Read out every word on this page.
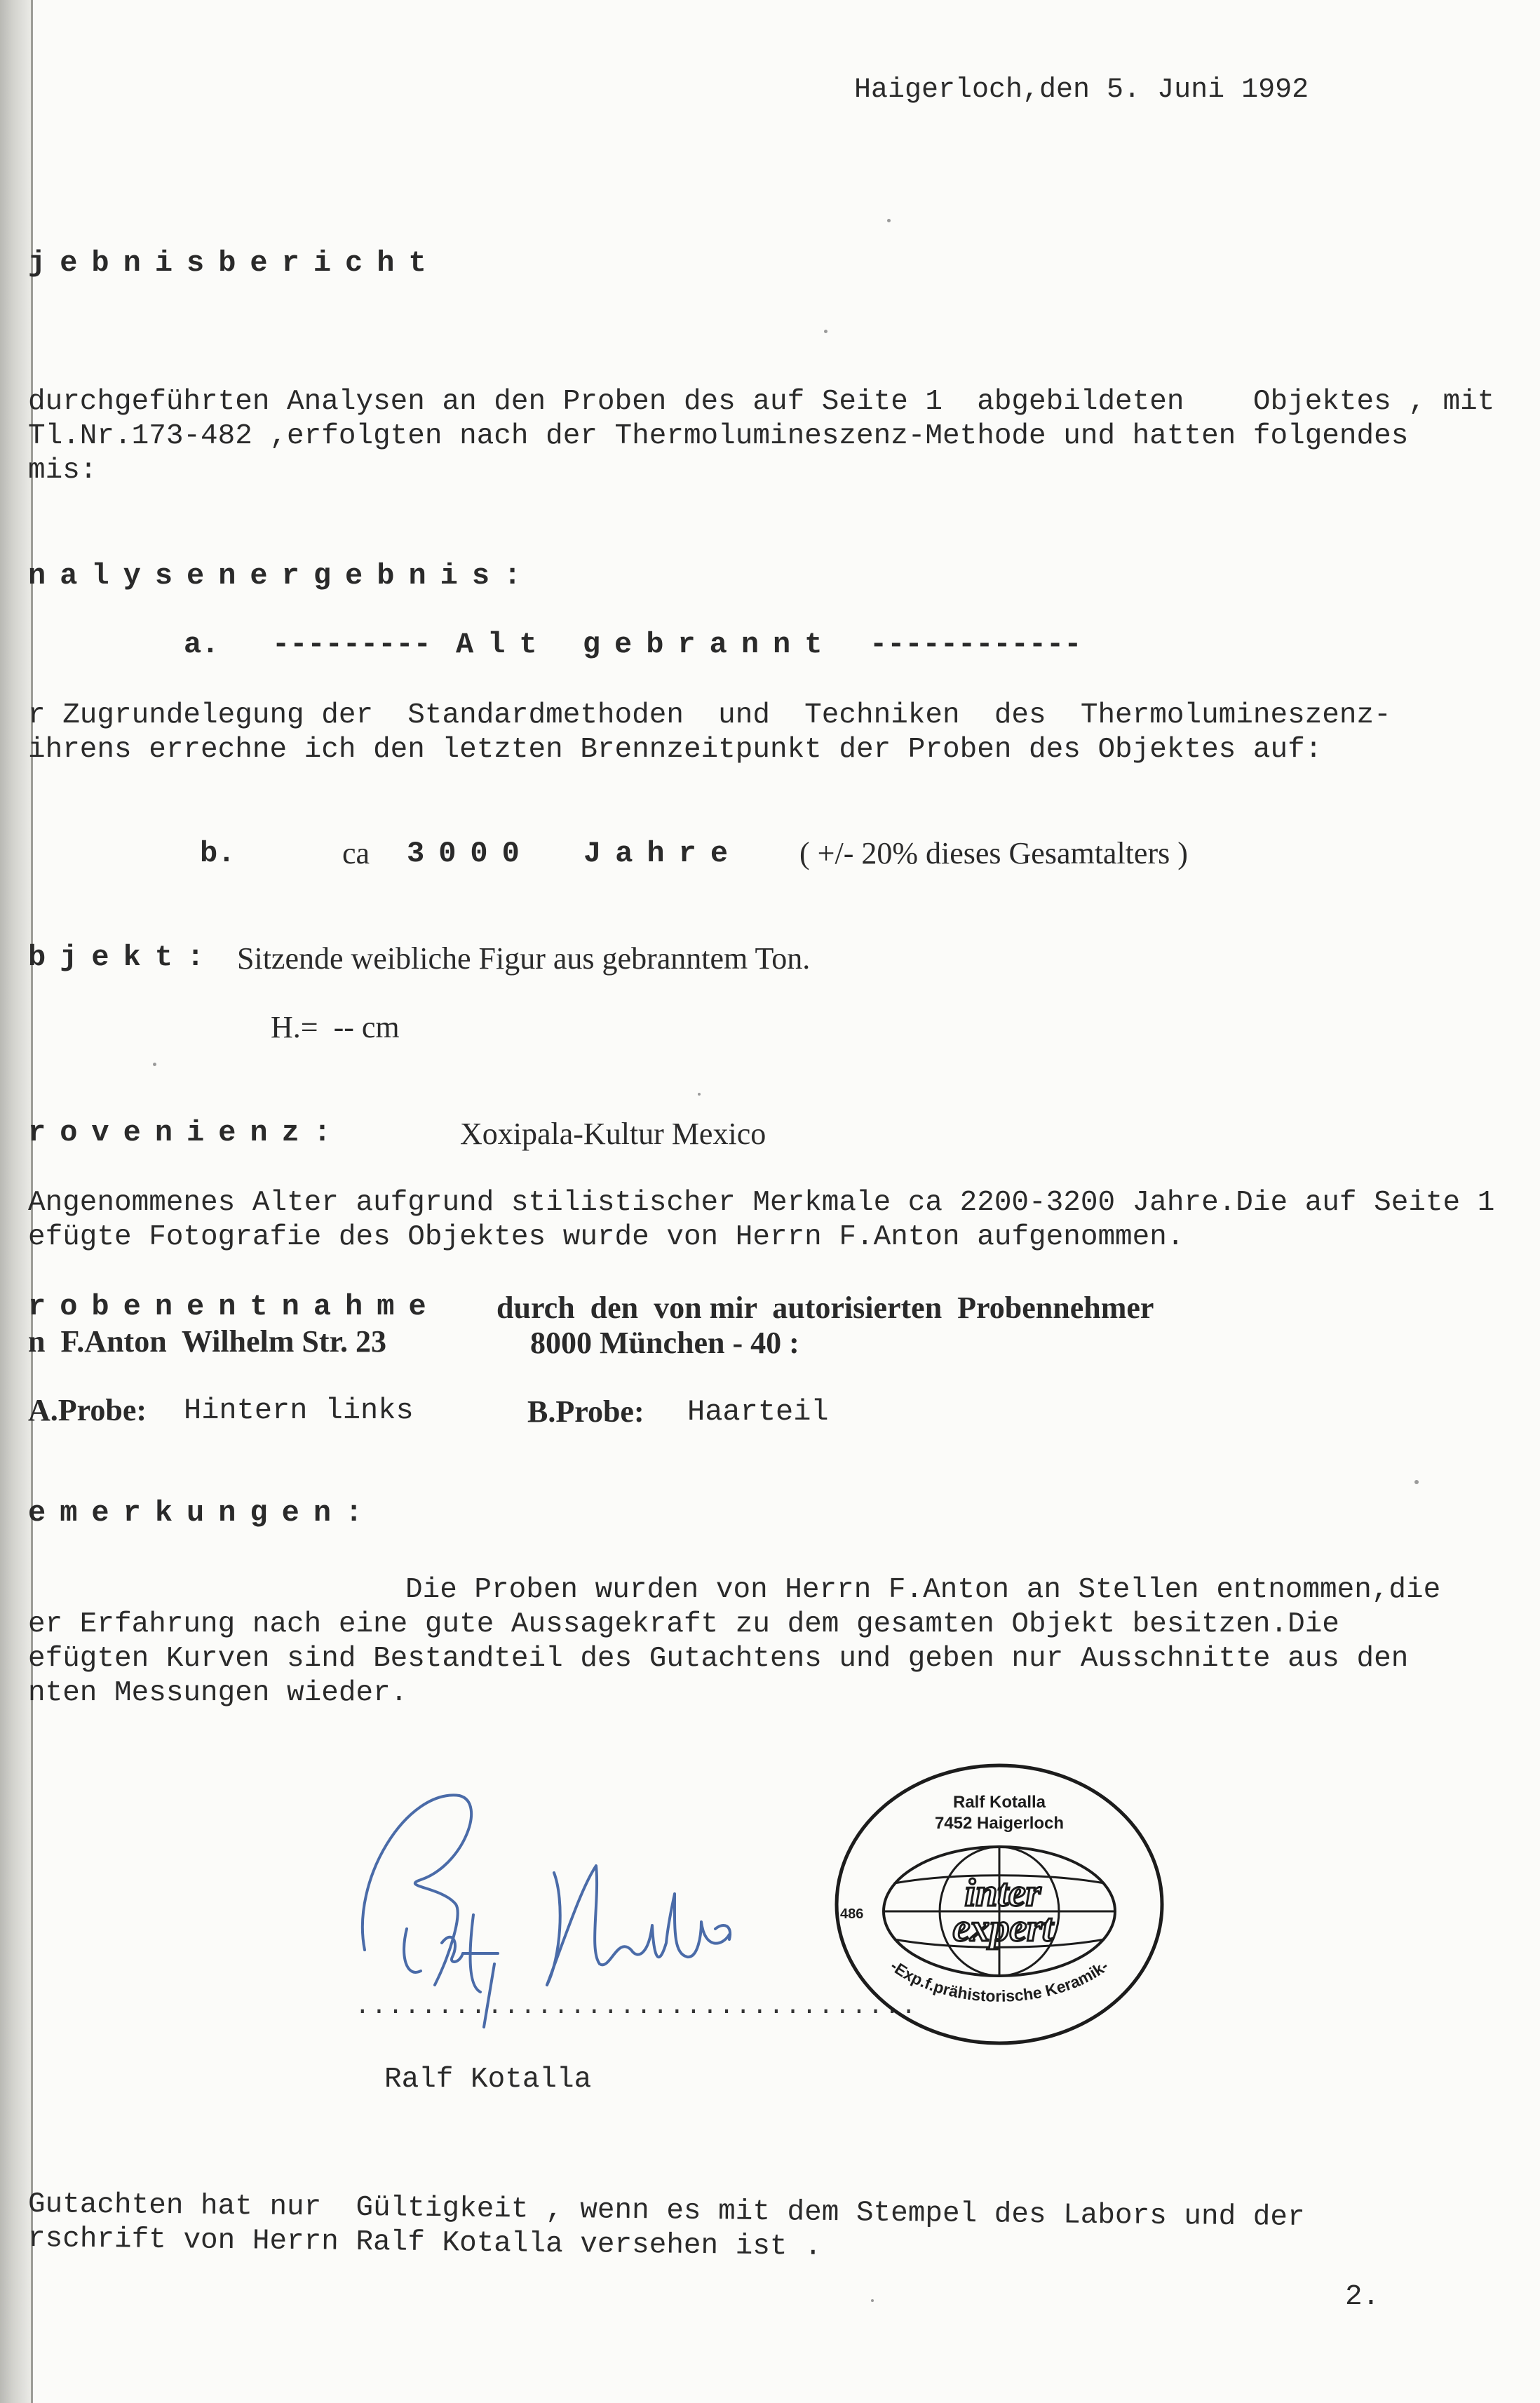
Haigerloch,den 5. Juni 1992
jebnisbericht
durchgeführten Analysen an den Proben des auf Seite 1  abgebildeten    Objektes , mit
Tl.Nr.173-482 ,erfolgten nach der Thermolumineszenz-Methode und hatten folgendes
mis:
nalysenergebnis:
a. --------- Alt gebrannt ------------
r Zugrundelegung der  Standardmethoden  und  Techniken  des  Thermolumineszenz-
ihrens errechne ich den letzten Brennzeitpunkt der Proben des Objektes auf:
b.	ca 3000 Jahre ( +/- 20% dieses Gesamtalters )
bjekt: Sitzende weibliche Figur aus gebranntem Ton.
H.=  -- cm
rovenienz:	Xoxipala-Kultur Mexico
Angenommenes Alter aufgrund stilistischer Merkmale ca 2200-3200 Jahre.Die auf Seite 1
efügte Fotografie des Objektes wurde von Herrn F.Anton aufgenommen.
robenentnahme durch  den  von mir  autorisierten  Probennehmer
n  F.Anton  Wilhelm Str. 23	8000 München - 40 :
A.Probe: Hintern links	B.Probe: Haarteil
emerkungen:
Die Proben wurden von Herrn F.Anton an Stellen entnommen,die
er Erfahrung nach eine gute Aussagekraft zu dem gesamten Objekt besitzen.Die
efügten Kurven sind Bestandteil des Gutachtens und geben nur Ausschnitte aus den
nten Messungen wieder.
..................................
Ralf Kotalla
Ralf Kotalla
7452 Haigerloch
inter
expert
486
-Exp.f.prähistorische Keramik-
Gutachten hat nur  Gültigkeit , wenn es mit dem Stempel des Labors und der
rschrift von Herrn Ralf Kotalla versehen ist .
2.
